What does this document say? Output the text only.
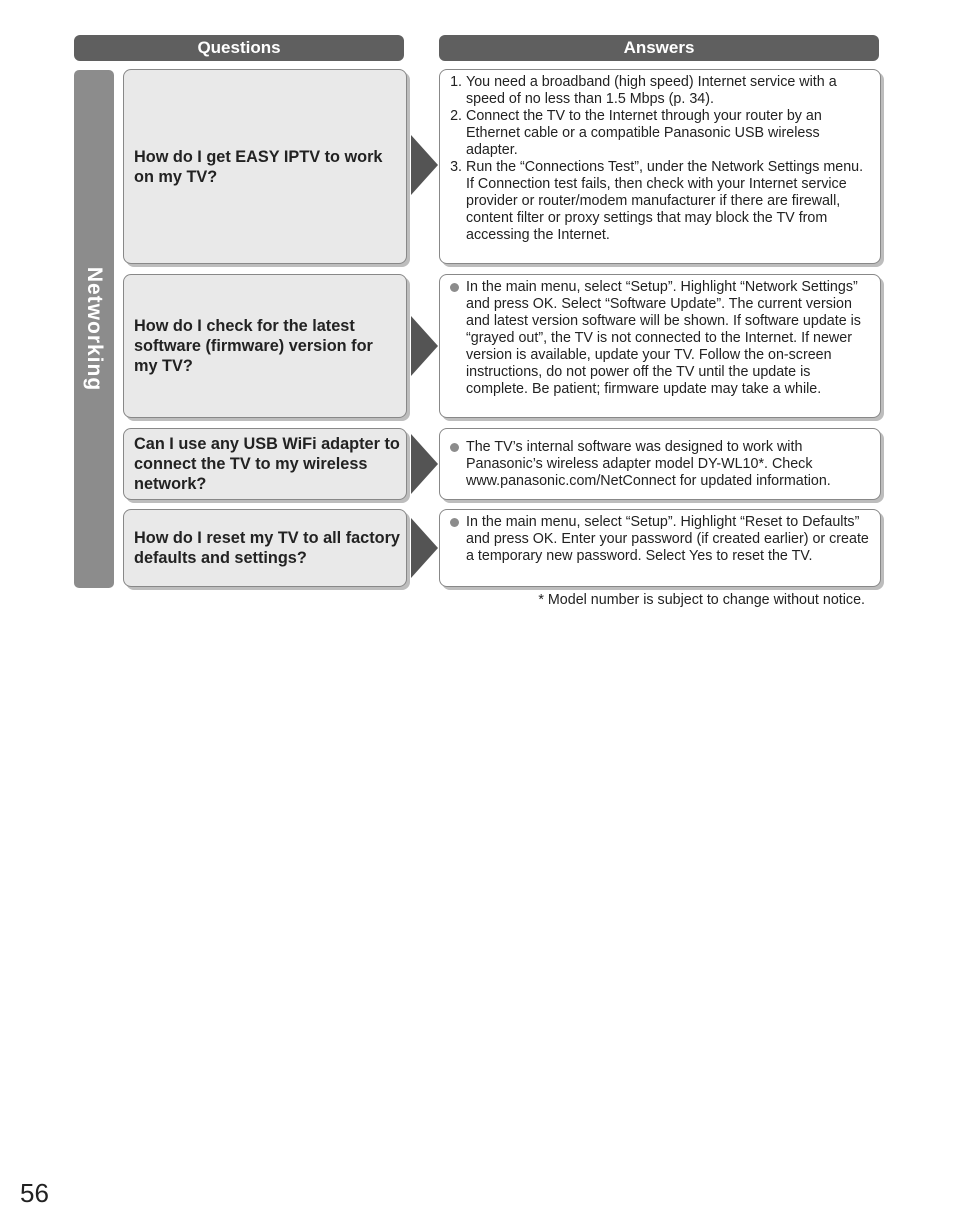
Questions	Answers
Networking
How do I get EASY IPTV to work on my TV?
1. You need a broadband (high speed) Internet service with a speed of no less than 1.5 Mbps (p. 34).
2. Connect the TV to the Internet through your router by an Ethernet cable or a compatible Panasonic USB wireless adapter.
3. Run the “Connections Test”, under the Network Settings menu.
If Connection test fails, then check with your Internet service provider or router/modem manufacturer if there are firewall, content filter or proxy settings that may block the TV from accessing the Internet.
How do I check for the latest software (firmware) version for my TV?
In the main menu, select “Setup”. Highlight “Network Settings” and press OK. Select “Software Update”. The current version and latest version software will be shown. If software update is “grayed out”, the TV is not connected to the Internet. If newer version is available, update your TV. Follow the on-screen instructions, do not power off the TV until the update is complete. Be patient; firmware update may take a while.
Can I use any USB WiFi adapter to connect the TV to my wireless network?
The TV’s internal software was designed to work with Panasonic’s wireless adapter model DY-WL10*. Check www.panasonic.com/NetConnect for updated information.
How do I reset my TV to all factory defaults and settings?
In the main menu, select “Setup”. Highlight “Reset to Defaults” and press OK. Enter your password (if created earlier) or create a temporary new password. Select Yes to reset the TV.
* Model number is subject to change without notice.
56
